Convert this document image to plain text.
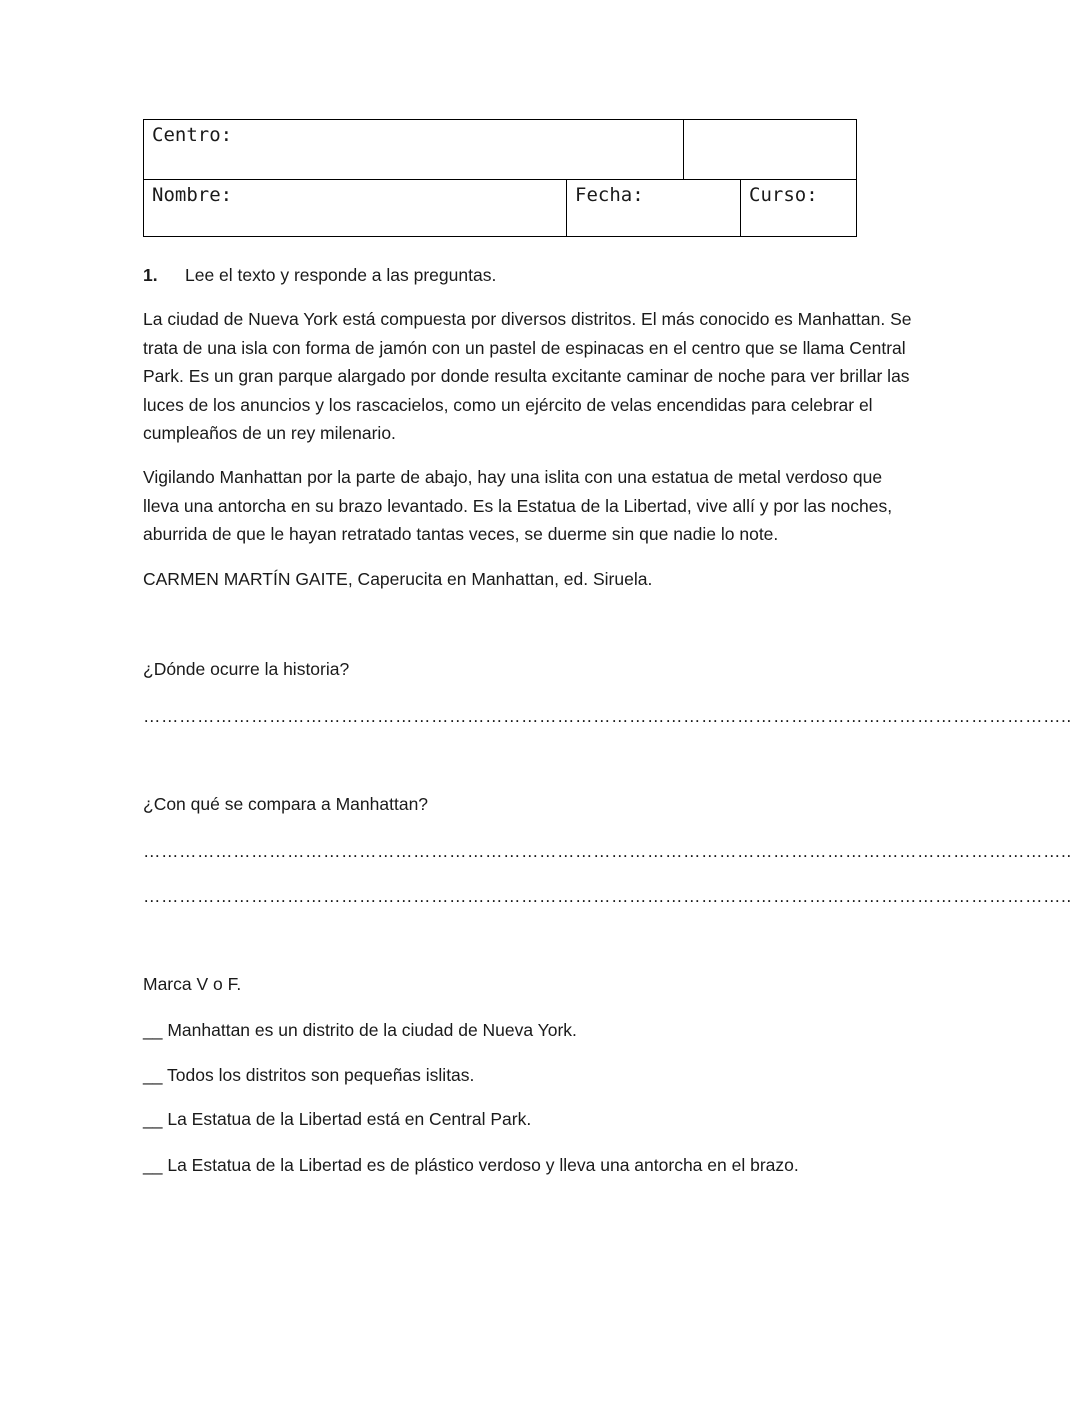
Centro:
Nombre:	Fecha:	Curso:
1. Lee el texto y responde a las preguntas.

La ciudad de Nueva York está compuesta por diversos distritos. El más conocido es Manhattan. Se trata de una isla con forma de jamón con un pastel de espinacas en el centro que se llama Central Park. Es un gran parque alargado por donde resulta excitante caminar de noche para ver brillar las luces de los anuncios y los rascacielos, como un ejército de velas encendidas para celebrar el cumpleaños de un rey milenario.

Vigilando Manhattan por la parte de abajo, hay una islita con una estatua de metal verdoso que lleva una antorcha en su brazo levantado. Es la Estatua de la Libertad, vive allí y por las noches, aburrida de que le hayan retratado tantas veces, se duerme sin que nadie lo note.

CARMEN MARTÍN GAITE, Caperucita en Manhattan, ed. Siruela.
¿Dónde ocurre la historia?
………………………………………………………………………………………………………………………………………..
¿Con qué se compara a Manhattan?
………………………………………………………………………………………………………………………………………..
………………………………………………………………………………………………………………………………………..
Marca V o F.
__ Manhattan es un distrito de la ciudad de Nueva York.
__ Todos los distritos son pequeñas islitas.
__ La Estatua de la Libertad está en Central Park.
__ La Estatua de la Libertad es de plástico verdoso y lleva una antorcha en el brazo.
